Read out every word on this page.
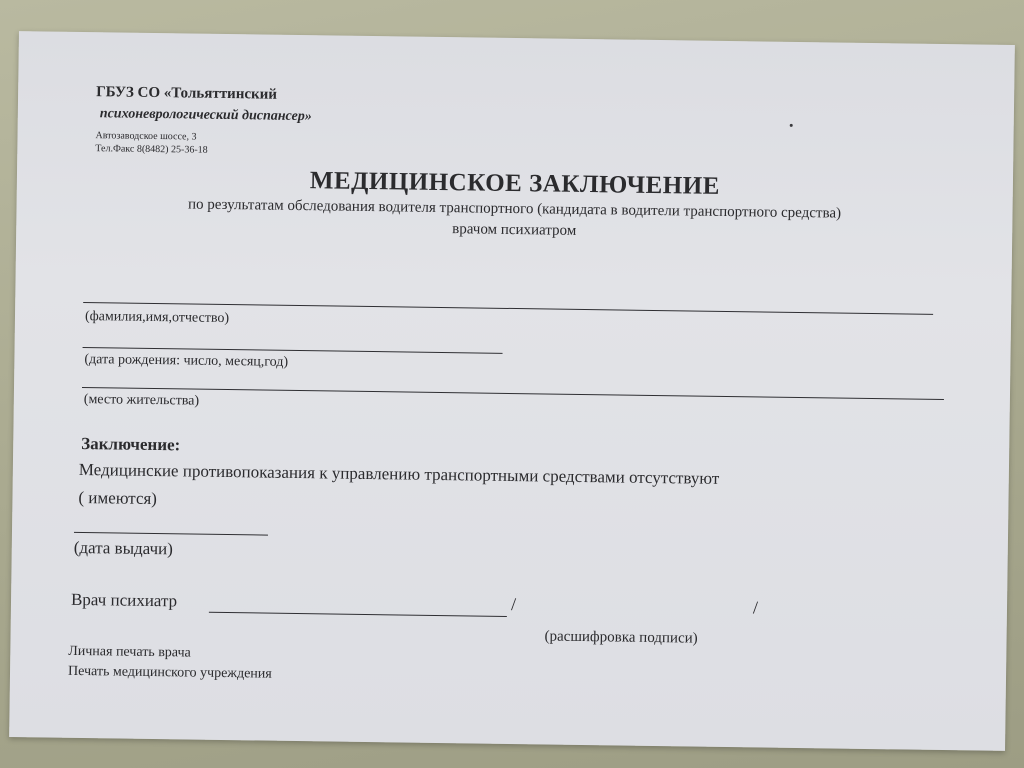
ГБУЗ СО «Тольяттинский
психоневрологический диспансер»
Автозаводское шоссе, 3
Тел.Факс 8(8482) 25-36-18
МЕДИЦИНСКОЕ ЗАКЛЮЧЕНИЕ
по результатам обследования водителя транспортного (кандидата в водители транспортного средства)
врачом психиатром
(фамилия,имя,отчество)
(дата рождения: число, месяц,год)
(место жительства)
Заключение:
Медицинские противопоказания к управлению транспортными средствами отсутствуют
( имеются)
(дата выдачи)
Врач психиатр	/	/
(расшифровка подписи)
Личная печать врача
Печать медицинского учреждения
